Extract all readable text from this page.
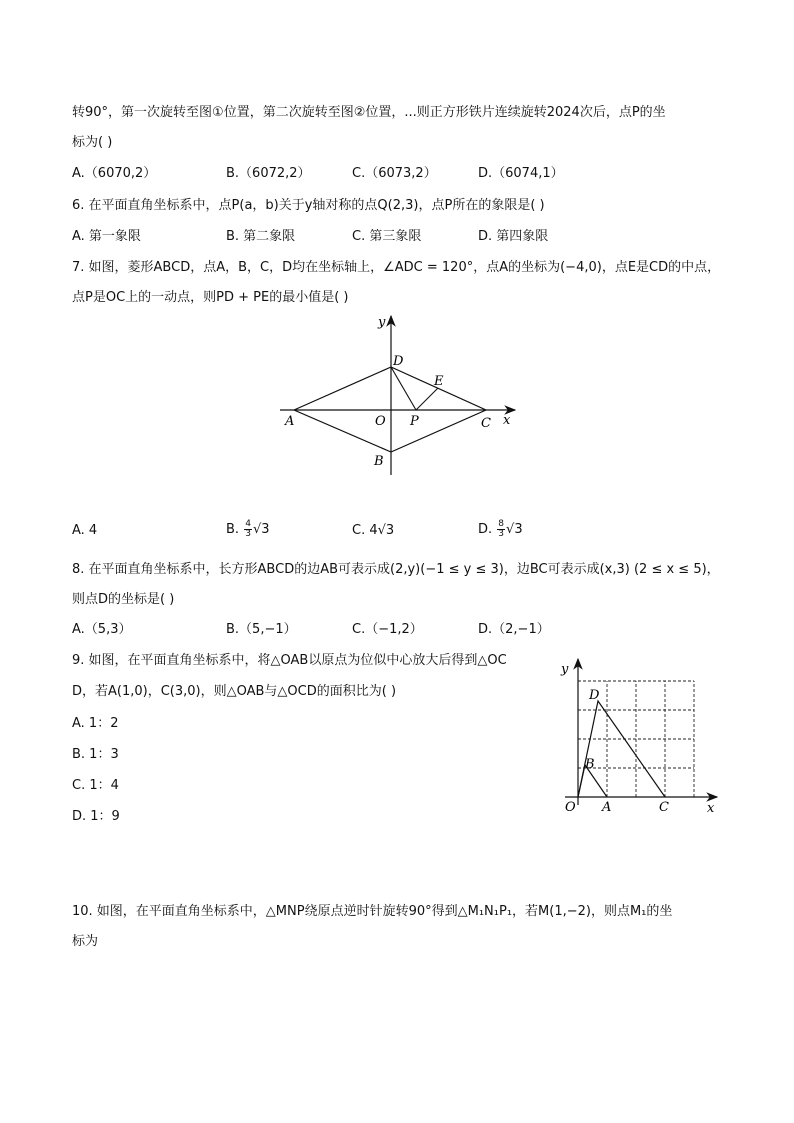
转90°，第一次旋转至图①位置，第二次旋转至图②位置，...则正方形铁片连续旋转2024次后，点P的坐
标为( )
A.（6070,2）	B.（6072,2）	C.（6073,2）	D.（6074,1）
6. 在平面直角坐标系中，点P(a，b)关于y轴对称的点Q(2,3)，点P所在的象限是( )
A. 第一象限	B. 第二象限	C. 第三象限	D. 第四象限
7. 如图，菱形ABCD，点A，B，C，D均在坐标轴上，∠ADC = 120°，点A的坐标为(−4,0)，点E是CD的中点，
点P是OC上的一动点，则PD + PE的最小值是( )
y
x
A
B
C
D
E
O P
A. 4	B. $\frac{4}{3} √3$	C. 4√3	D. $\frac{8}{3} √3$
8. 在平面直角坐标系中，长方形ABCD的边AB可表示成(2,y)(−1 ≤ y ≤ 3)，边BC可表示成(x,3) (2 ≤ x ≤ 5)，
则点D的坐标是( )
A.（5,3）	B.（5,−1）	C.（−1,2）	D.（2,−1）
9. 如图，在平面直角坐标系中，将△OAB以原点为位似中心放大后得到△OC
D，若A(1,0)，C(3,0)，则△OAB与△OCD的面积比为( )
A. 1：2
B. 1：3
C. 1：4
D. 1：9
y
x
O A	C
B
D
10. 如图，在平面直角坐标系中，△MNP绕原点逆时针旋转90°得到△M₁N₁P₁，若M(1,−2)，则点M₁的坐
标为
